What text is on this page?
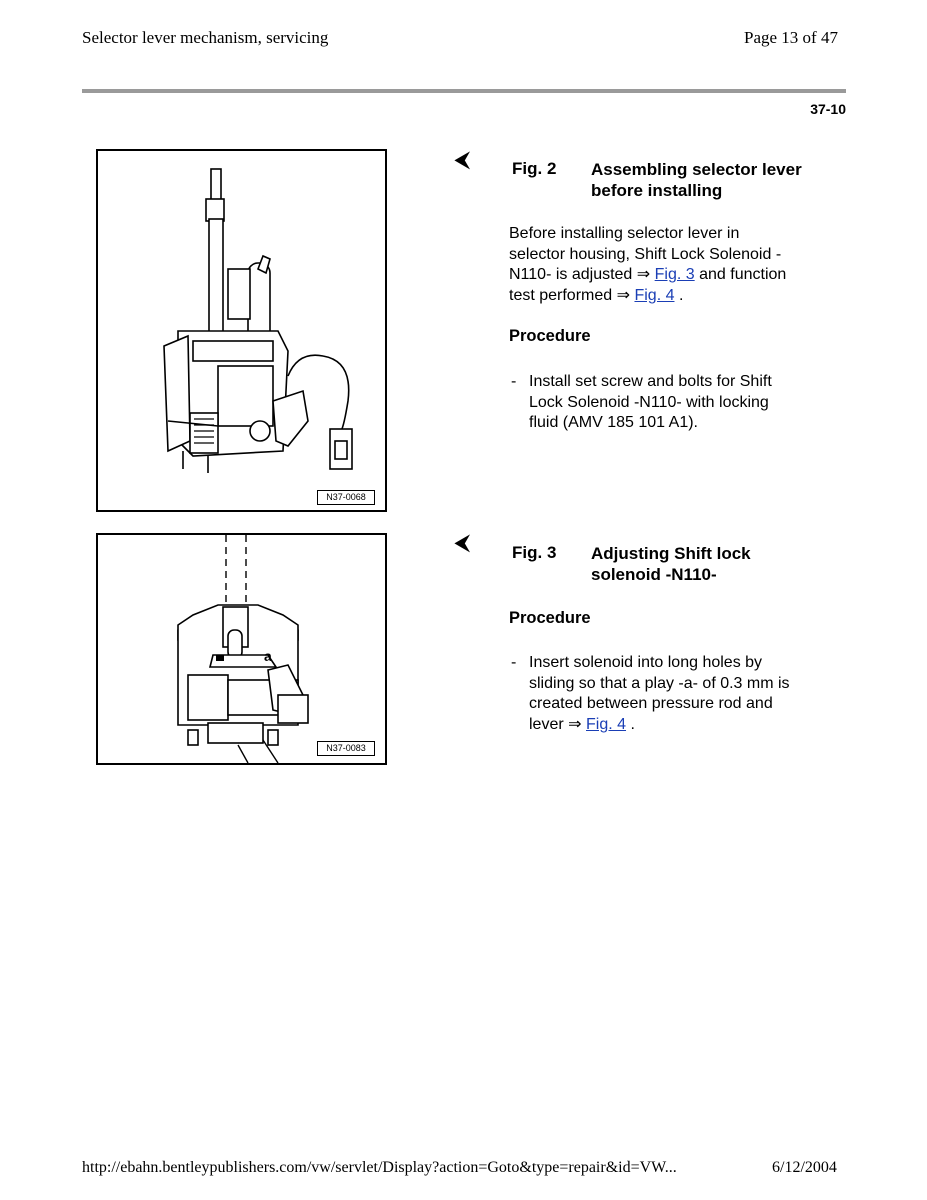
Selector lever mechanism, servicing	Page 13 of 47
37-10
N37-0068
⮜	Fig. 2 Assembling selector lever
before installing
Before installing selector lever in
selector housing, Shift Lock Solenoid -
N110- is adjusted ⇒ Fig. 3 and function
test performed ⇒ Fig. 4 .
Procedure
- Install set screw and bolts for Shift
Lock Solenoid -N110- with locking
fluid (AMV 185 101 A1).
a
N37-0083
⮜	Fig. 3 Adjusting Shift lock
solenoid -N110-
Procedure
- Insert solenoid into long holes by
sliding so that a play -a- of 0.3 mm is
created between pressure rod and
lever ⇒ Fig. 4 .
http://ebahn.bentleypublishers.com/vw/servlet/Display?action=Goto&type=repair&id=VW...	6/12/2004
